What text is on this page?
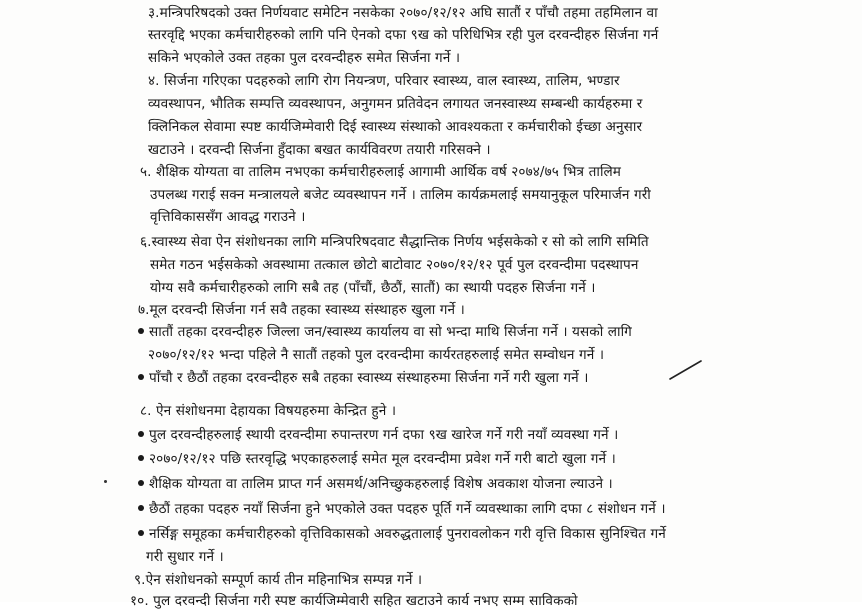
३.मन्त्रिपरिषदको उक्त निर्णयवाट समेटिन नसकेका २०७०/१२/१२ अघि सातौं र पाँचौ तहमा तहमिलान वा
स्तरवृद्दि भएका कर्मचारीहरुको लागि पनि ऐनको दफा ९ख को परिधिभित्र रही पुल दरवन्दीहरु सिर्जना गर्न
सकिने भएकोले उक्त तहका पुल दरवन्दीहरु समेत सिर्जना गर्ने ।
४. सिर्जना गरिएका पदहरुको लागि रोग नियन्त्रण, परिवार स्वास्थ्य, वाल स्वास्थ्य, तालिम, भण्डार
व्यवस्थापन, भौतिक सम्पत्ति व्यवस्थापन, अनुगमन प्रतिवेदन लगायत जनस्वास्थ्य सम्बन्धी कार्यहरुमा र
क्लिनिकल सेवामा स्पष्ट कार्यजिम्मेवारी दिई स्वास्थ्य संस्थाको आवश्यकता र कर्मचारीको ईच्छा अनुसार
खटाउने । दरवन्दी सिर्जना हुँदाका बखत कार्यविवरण तयारी गरिसक्ने ।
५. शैक्षिक योग्यता वा तालिम नभएका कर्मचारीहरुलाई आगामी आर्थिक वर्ष २०७४/७५ भित्र तालिम
उपलब्ध गराई सक्न मन्त्रालयले बजेट व्यवस्थापन गर्ने । तालिम कार्यक्रमलाई समयानुकूल परिमार्जन गरी
वृत्तिविकाससँग आवद्ध गराउने ।
६.स्वास्थ्य सेवा ऐन संशोधनका लागि मन्त्रिपरिषदवाट सैद्धान्तिक निर्णय भईसकेको र सो को लागि समिति
समेत गठन भईसकेको अवस्थामा तत्काल छोटो बाटोवाट २०७०/१२/१२ पूर्व पुल दरवन्दीमा पदस्थापन
योग्य सवै कर्मचारीहरुको लागि सबै तह (पाँचौं, छैठौं, सातौं) का स्थायी पदहरु सिर्जना गर्ने ।
७.मूल दरवन्दी सिर्जना गर्न सवै तहका स्वास्थ्य संस्थाहरु खुला गर्ने ।
सातौं तहका दरवन्दीहरु जिल्ला जन/स्वास्थ्य कार्यालय वा सो भन्दा माथि सिर्जना गर्ने । यसको लागि
२०७०/१२/१२ भन्दा पहिले नै सातौं तहको पुल दरवन्दीमा कार्यरतहरुलाई समेत सम्वोधन गर्ने ।
पाँचौ र छैठौं तहका दरवन्दीहरु सबै तहका स्वास्थ्य संस्थाहरुमा सिर्जना गर्ने गरी खुला गर्ने ।
८. ऐन संशोधनमा देहायका विषयहरुमा केन्द्रित हुने ।
पुल दरवन्दीहरुलाई स्थायी दरवन्दीमा रुपान्तरण गर्न दफा ९ख खारेज गर्ने गरी नयाँ व्यवस्था गर्ने ।
२०७०/१२/१२ पछि स्तरवृद्धि भएकाहरुलाई समेत मूल दरवन्दीमा प्रवेश गर्ने गरी बाटो खुला गर्ने ।
शैक्षिक योग्यता वा तालिम प्राप्त गर्न असमर्थ/अनिच्छुकहरुलाई विशेष अवकाश योजना ल्याउने ।
छैठौं तहका पदहरु नयाँ सिर्जना हुने भएकोले उक्त पदहरु पूर्ति गर्ने व्यवस्थाका लागि दफा ८ संशोधन गर्ने ।
नर्सिङ्ग समूहका कर्मचारीहरुको वृत्तिविकासको अवरुद्धतालाई पुनरावलोकन गरी वृत्ति विकास सुनिश्चित गर्ने
गरी सुधार गर्ने ।
९.ऐन संशोधनको सम्पूर्ण कार्य तीन महिनाभित्र सम्पन्न गर्ने ।
१०. पुल दरवन्दी सिर्जना गरी स्पष्ट कार्यजिम्मेवारी सहित खटाउने कार्य नभए सम्म साविकको
